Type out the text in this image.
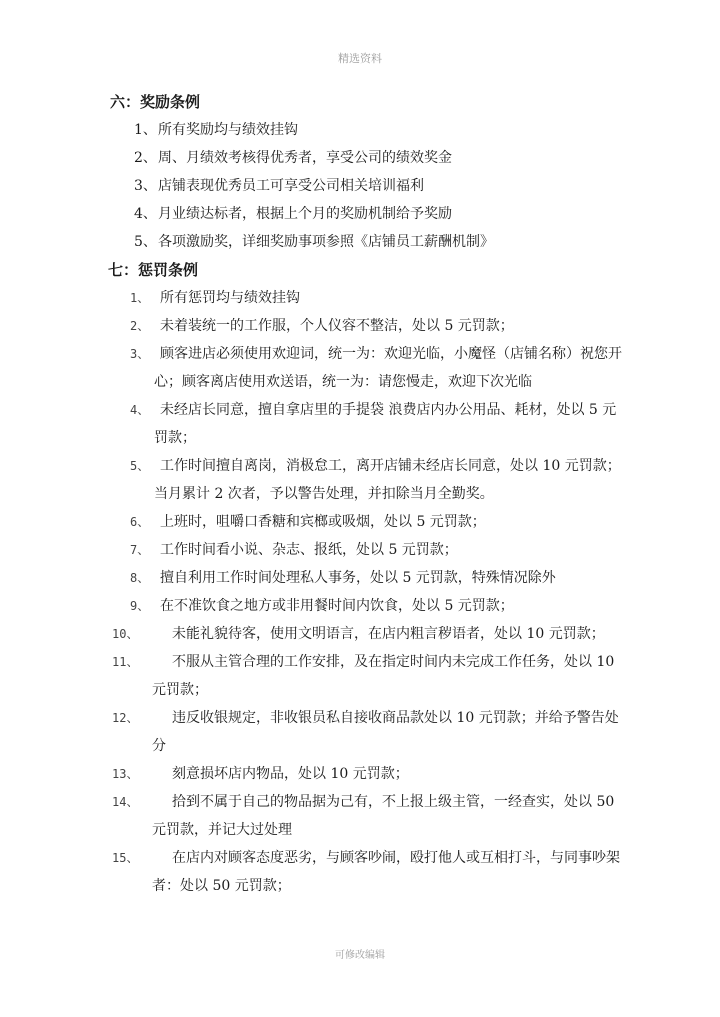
精选资料
六：奖励条例
1、所有奖励均与绩效挂钩
2、周、月绩效考核得优秀者，享受公司的绩效奖金
3、店铺表现优秀员工可享受公司相关培训福利
4、月业绩达标者，根据上个月的奖励机制给予奖励
5、各项激励奖，详细奖励事项参照《店铺员工薪酬机制》
七：惩罚条例
1、 所有惩罚均与绩效挂钩
2、 未着装统一的工作服，个人仪容不整洁，处以 5 元罚款；
3、 顾客进店必须使用欢迎词，统一为：欢迎光临，小魔怪（店铺名称）祝您开心；顾客离店使用欢送语，统一为：请您慢走，欢迎下次光临
4、 未经店长同意，擅自拿店里的手提袋 浪费店内办公用品、耗材，处以 5 元罚款；
5、 工作时间擅自离岗，消极怠工，离开店铺未经店长同意，处以 10 元罚款；当月累计 2 次者，予以警告处理，并扣除当月全勤奖。
6、 上班时，咀嚼口香糖和宾榔或吸烟，处以 5 元罚款；
7、 工作时间看小说、杂志、报纸，处以 5 元罚款；
8、 擅自利用工作时间处理私人事务，处以 5 元罚款，特殊情况除外
9、 在不准饮食之地方或非用餐时间内饮食，处以 5 元罚款；
10、 未能礼貌待客，使用文明语言，在店内粗言秽语者，处以 10 元罚款；
11、 不服从主管合理的工作安排，及在指定时间内未完成工作任务，处以 10 元罚款；
12、 违反收银规定，非收银员私自接收商品款处以 10 元罚款；并给予警告处分
13、 刻意损坏店内物品，处以 10 元罚款；
14、 拾到不属于自己的物品据为己有，不上报上级主管，一经查实，处以 50 元罚款，并记大过处理
15、 在店内对顾客态度恶劣，与顾客吵闹，殴打他人或互相打斗，与同事吵架者：处以 50 元罚款；
可修改编辑
